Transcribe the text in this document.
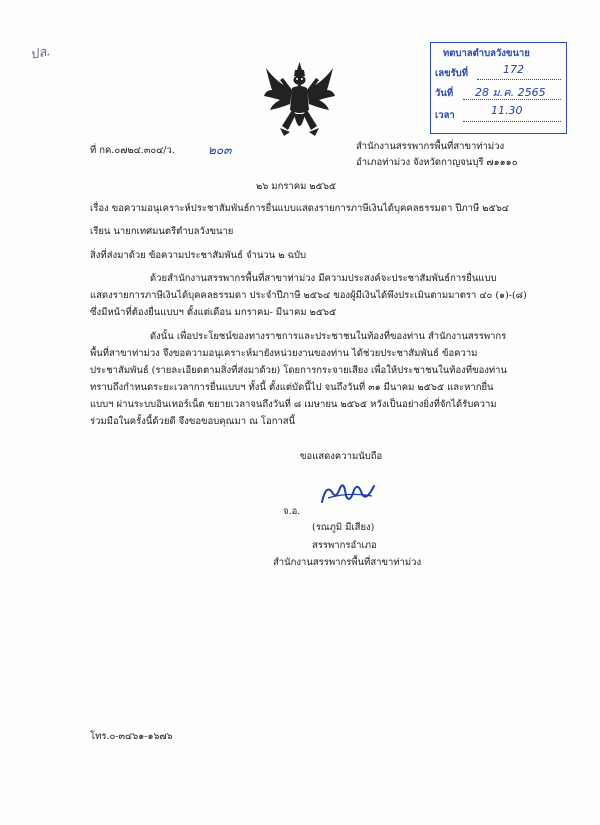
ปล.	ทตบาลตำบลวังขนาย
เลขรับที่	172
วันที่ 28 ม.ค. 2565
เวลา	11.30
ที่ กค.๐๗๒๔.๓๐๔/ว.	๒๐๓	สำนักงานสรรพากรพื้นที่สาขาท่าม่วง
อำเภอท่าม่วง จังหวัดกาญจนบุรี ๗๑๑๑๐
๒๖ มกราคม ๒๕๖๕
เรื่อง ขอความอนุเคราะห์ประชาสัมพันธ์การยื่นแบบแสดงรายการภาษีเงินได้บุคคลธรรมดา ปีภาษี ๒๕๖๔
เรียน นายกเทศมนตรีตำบลวังขนาย
สิ่งที่ส่งมาด้วย ข้อความประชาสัมพันธ์ จำนวน ๒ ฉบับ
ด้วยสำนักงานสรรพากรพื้นที่สาขาท่าม่วง มีความประสงค์จะประชาสัมพันธ์การยื่นแบบ
แสดงรายการภาษีเงินได้บุคคลธรรมดา ประจำปีภาษี ๒๕๖๔ ของผู้มีเงินได้พึงประเมินตามมาตรา ๔๐ (๑)-(๘)
ซึ่งมีหน้าที่ต้องยื่นแบบฯ ตั้งแต่เดือน มกราคม- มีนาคม ๒๕๖๕
ดังนั้น เพื่อประโยชน์ของทางราชการและประชาชนในท้องที่ของท่าน สำนักงานสรรพากร
พื้นที่สาขาท่าม่วง จึงขอความอนุเคราะห์มายังหน่วยงานของท่าน ได้ช่วยประชาสัมพันธ์ ข้อความ
ประชาสัมพันธ์ (รายละเอียดตามสิ่งที่ส่งมาด้วย) โดยการกระจายเสียง เพื่อให้ประชาชนในท้องที่ของท่าน
ทราบถึงกำหนดระยะเวลาการยื่นแบบฯ ทั้งนี้ ตั้งแต่บัดนี้ไป จนถึงวันที่ ๓๑ มีนาคม ๒๕๖๕ และหากยื่น
แบบฯ ผ่านระบบอินเทอร์เน็ต ขยายเวลาจนถึงวันที่ ๘ เมษายน ๒๕๖๕ หวังเป็นอย่างยิ่งที่จักได้รับความ
ร่วมมือในครั้งนี้ด้วยดี จึงขอขอบคุณมา ณ โอกาสนี้
ขอแสดงความนับถือ
จ.อ.
(รณภูมิ มีเสียง)
สรรพากรอำเภอ
สำนักงานสรรพากรพื้นที่สาขาท่าม่วง
โทร.๐-๓๔๖๑-๑๖๗๖
